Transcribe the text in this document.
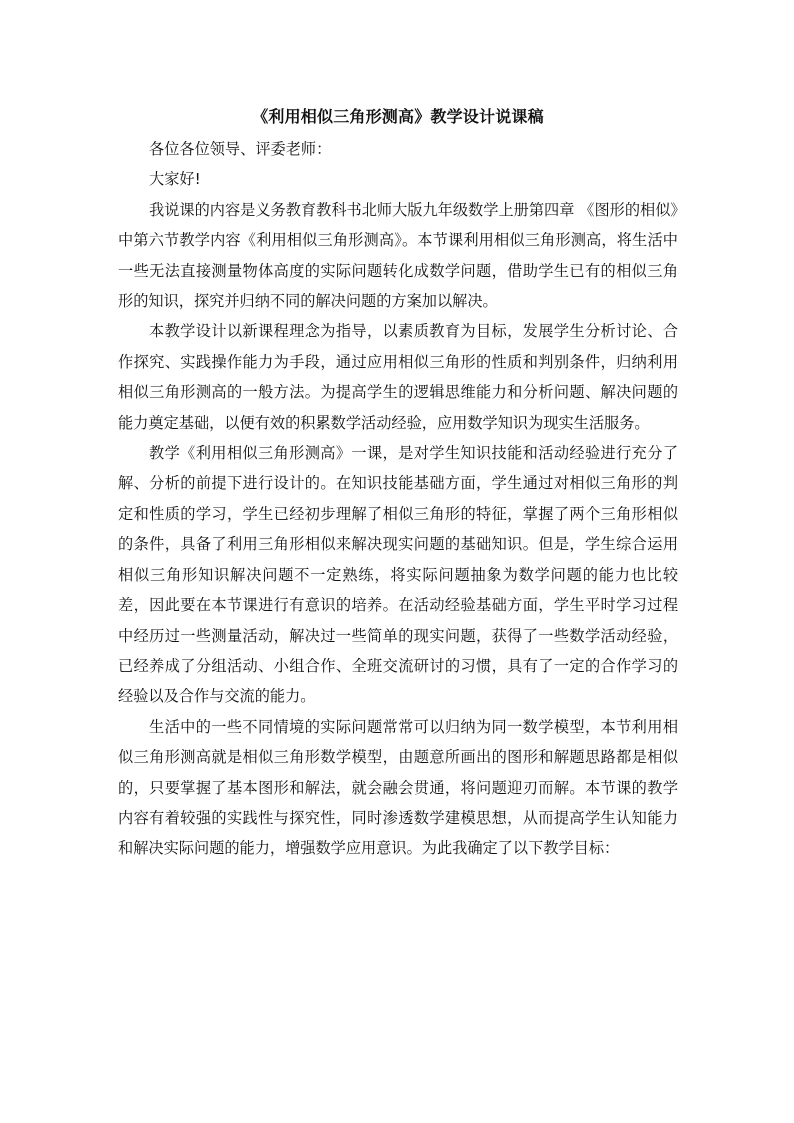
《利用相似三角形测高》教学设计说课稿

各位各位领导、评委老师：

大家好!

我说课的内容是义务教育教科书北师大版九年级数学上册第四章 《图形的相似》中第六节教学内容《利用相似三角形测高》。本节课利用相似三角形测高，将生活中一些无法直接测量物体高度的实际问题转化成数学问题，借助学生已有的相似三角形的知识，探究并归纳不同的解决问题的方案加以解决。

本教学设计以新课程理念为指导，以素质教育为目标，发展学生分析讨论、合作探究、实践操作能力为手段，通过应用相似三角形的性质和判别条件，归纳利用相似三角形测高的一般方法。为提高学生的逻辑思维能力和分析问题、解决问题的能力奠定基础，以便有效的积累数学活动经验，应用数学知识为现实生活服务。

教学《利用相似三角形测高》一课，是对学生知识技能和活动经验进行充分了解、分析的前提下进行设计的。在知识技能基础方面，学生通过对相似三角形的判定和性质的学习，学生已经初步理解了相似三角形的特征，掌握了两个三角形相似的条件，具备了利用三角形相似来解决现实问题的基础知识。但是，学生综合运用相似三角形知识解决问题不一定熟练，将实际问题抽象为数学问题的能力也比较差，因此要在本节课进行有意识的培养。在活动经验基础方面，学生平时学习过程中经历过一些测量活动，解决过一些简单的现实问题，获得了一些数学活动经验，已经养成了分组活动、小组合作、全班交流研讨的习惯，具有了一定的合作学习的经验以及合作与交流的能力。

生活中的一些不同情境的实际问题常常可以归纳为同一数学模型，本节利用相似三角形测高就是相似三角形数学模型，由题意所画出的图形和解题思路都是相似的，只要掌握了基本图形和解法，就会融会贯通，将问题迎刃而解。本节课的教学内容有着较强的实践性与探究性，同时渗透数学建模思想，从而提高学生认知能力和解决实际问题的能力，增强数学应用意识。为此我确定了以下教学目标：
